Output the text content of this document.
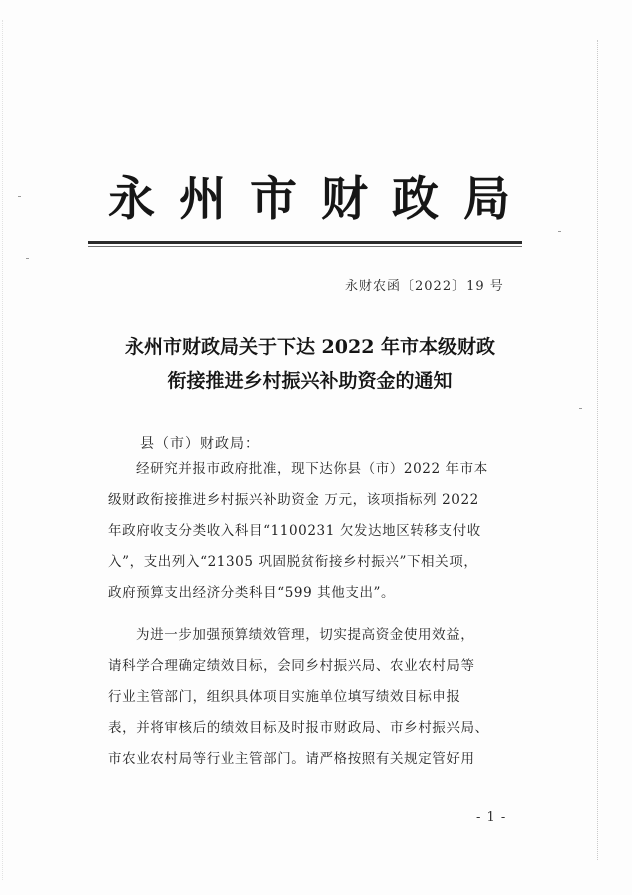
永州市财政局
永财农函〔2022〕19 号
永州市财政局关于下达 2022 年市本级财政
衔接推进乡村振兴补助资金的通知
县（市）财政局：
经研究并报市政府批准，现下达你县（市）2022 年市本
级财政衔接推进乡村振兴补助资金 万元，该项指标列 2022
年政府收支分类收入科目“1100231 欠发达地区转移支付收
入”，支出列入“21305 巩固脱贫衔接乡村振兴”下相关项，
政府预算支出经济分类科目“599 其他支出”。
为进一步加强预算绩效管理，切实提高资金使用效益，
请科学合理确定绩效目标，会同乡村振兴局、农业农村局等
行业主管部门，组织具体项目实施单位填写绩效目标申报
表，并将审核后的绩效目标及时报市财政局、市乡村振兴局、
市农业农村局等行业主管部门。请严格按照有关规定管好用
- 1 -
